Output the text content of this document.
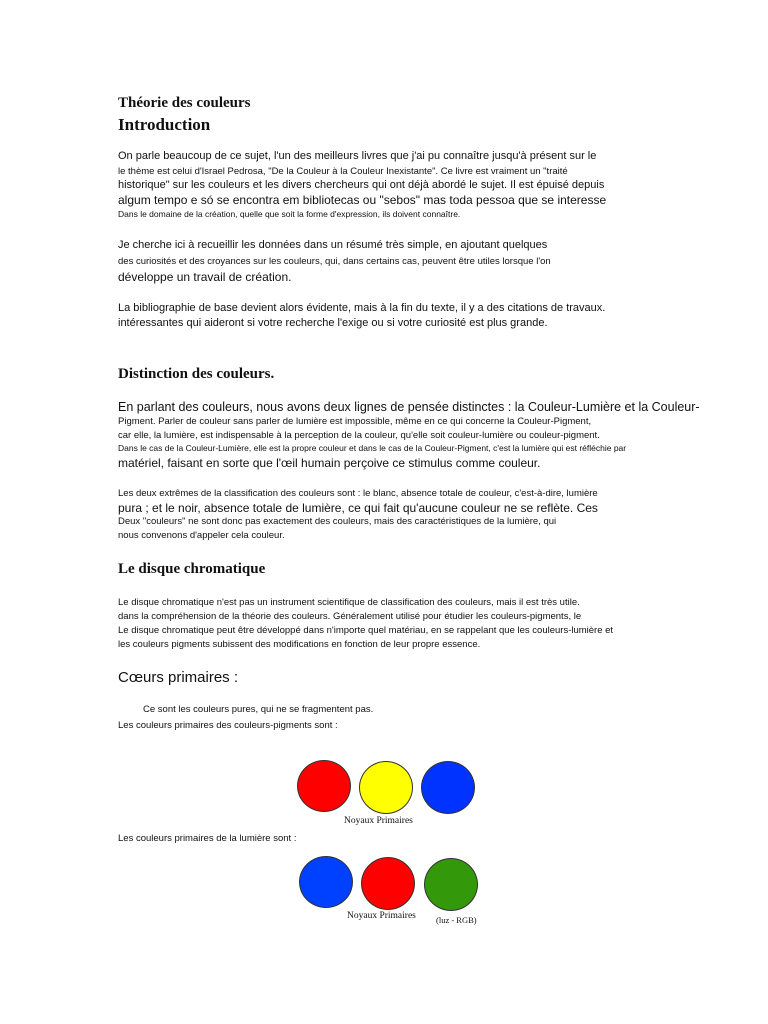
Théorie des couleurs

Introduction

On parle beaucoup de ce sujet, l'un des meilleurs livres que j'ai pu connaître jusqu'à présent sur le

le thème est celui d'Israel Pedrosa, "De la Couleur à la Couleur Inexistante". Ce livre est vraiment un "traité

historique" sur les couleurs et les divers chercheurs qui ont déjà abordé le sujet. Il est épuisé depuis

algum tempo e só se encontra em bibliotecas ou "sebos" mas toda pessoa que se interesse

Dans le domaine de la création, quelle que soit la forme d'expression, ils doivent connaître.

Je cherche ici à recueillir les données dans un résumé très simple, en ajoutant quelques

des curiosités et des croyances sur les couleurs, qui, dans certains cas, peuvent être utiles lorsque l'on

développe un travail de création.

La bibliographie de base devient alors évidente, mais à la fin du texte, il y a des citations de travaux.

intéressantes qui aideront si votre recherche l'exige ou si votre curiosité est plus grande.

Distinction des couleurs.

En parlant des couleurs, nous avons deux lignes de pensée distinctes : la Couleur-Lumière et la Couleur-

Pigment. Parler de couleur sans parler de lumière est impossible, même en ce qui concerne la Couleur-Pigment,

car elle, la lumière, est indispensable à la perception de la couleur, qu'elle soit couleur-lumière ou couleur-pigment.

Dans le cas de la Couleur-Lumière, elle est la propre couleur et dans le cas de la Couleur-Pigment, c'est la lumière qui est réfléchie par

matériel, faisant en sorte que l'œil humain perçoive ce stimulus comme couleur.

Les deux extrêmes de la classification des couleurs sont : le blanc, absence totale de couleur, c'est-à-dire, lumière

pura ; et le noir, absence totale de lumière, ce qui fait qu'aucune couleur ne se reflète. Ces

Deux "couleurs" ne sont donc pas exactement des couleurs, mais des caractéristiques de la lumière, qui

nous convenons d'appeler cela couleur.

Le disque chromatique

Le disque chromatique n'est pas un instrument scientifique de classification des couleurs, mais il est très utile.

dans la compréhension de la théorie des couleurs. Généralement utilisé pour étudier les couleurs-pigments, le

Le disque chromatique peut être développé dans n'importe quel matériau, en se rappelant que les couleurs-lumière et

les couleurs pigments subissent des modifications en fonction de leur propre essence.

Cœurs primaires :

Ce sont les couleurs pures, qui ne se fragmentent pas.

Les couleurs primaires des couleurs-pigments sont :

Noyaux Primaires

Les couleurs primaires de la lumière sont :

Noyaux Primaires (luz - RGB)
